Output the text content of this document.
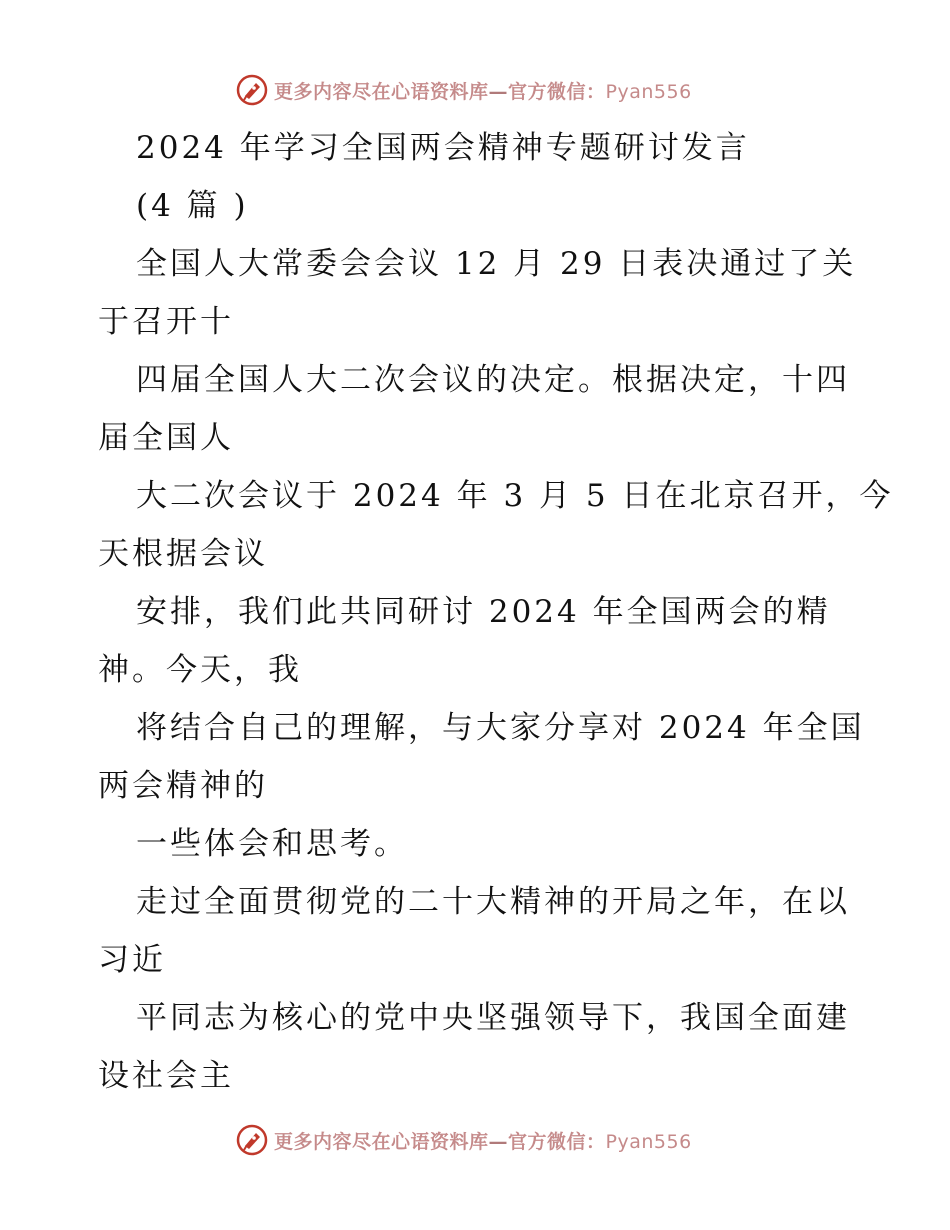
更多内容尽在心语资料库—官方微信：Pyan556
2024 年学习全国两会精神专题研讨发言
(4 篇 )
全国人大常委会会议 12 月 29 日表决通过了关
于召开十
四届全国人大二次会议的决定。根据决定，十四
届全国人
大二次会议于 2024 年 3 月 5 日在北京召开，今
天根据会议
安排，我们此共同研讨 2024 年全国两会的精
神。今天，我
将结合自己的理解，与大家分享对 2024 年全国
两会精神的
一些体会和思考。
走过全面贯彻党的二十大精神的开局之年，在以
习近
平同志为核心的党中央坚强领导下，我国全面建
设社会主
更多内容尽在心语资料库—官方微信：Pyan556
